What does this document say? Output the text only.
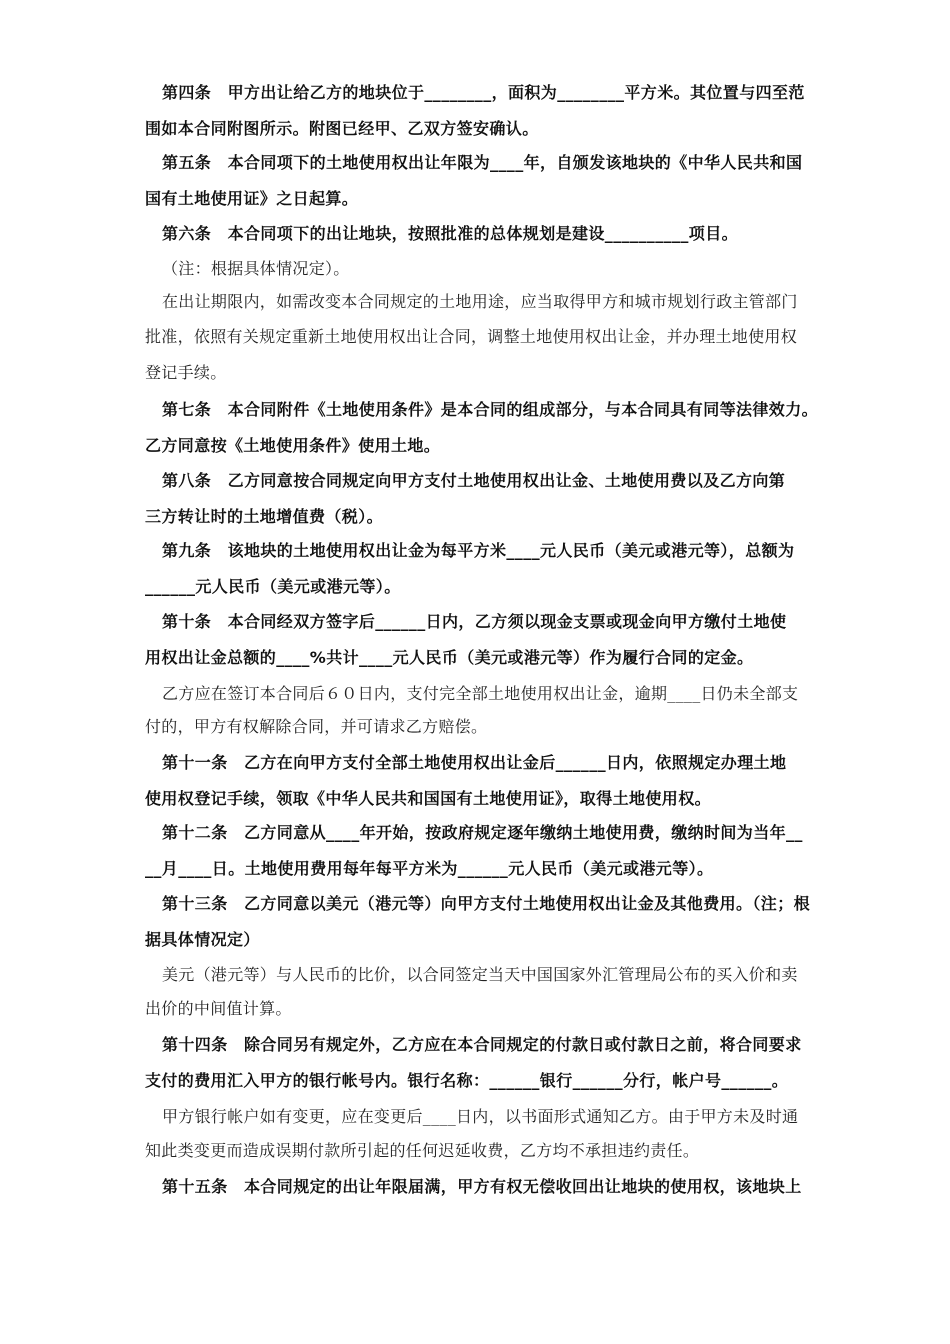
第四条　甲方出让给乙方的地块位于________，面积为________平方米。其位置与四至范
围如本合同附图所示。附图已经甲、乙双方签安确认。
第五条　本合同项下的土地使用权出让年限为____年，自颁发该地块的《中华人民共和国
国有土地使用证》之日起算。
第六条　本合同项下的出让地块，按照批准的总体规划是建设__________项目。
（注：根据具体情况定）。
在出让期限内，如需改变本合同规定的土地用途，应当取得甲方和城市规划行政主管部门
批准，依照有关规定重新土地使用权出让合同，调整土地使用权出让金，并办理土地使用权
登记手续。
第七条　本合同附件《土地使用条件》是本合同的组成部分，与本合同具有同等法律效力。
乙方同意按《土地使用条件》使用土地。
第八条　乙方同意按合同规定向甲方支付土地使用权出让金、土地使用费以及乙方向第
三方转让时的土地增值费（税）。
第九条　该地块的土地使用权出让金为每平方米____元人民币（美元或港元等），总额为
______元人民币（美元或港元等）。
第十条　本合同经双方签字后______日内，乙方须以现金支票或现金向甲方缴付土地使
用权出让金总额的____%共计____元人民币（美元或港元等）作为履行合同的定金。
乙方应在签订本合同后６０日内，支付完全部土地使用权出让金，逾期____日仍未全部支
付的，甲方有权解除合同，并可请求乙方赔偿。
第十一条　乙方在向甲方支付全部土地使用权出让金后______日内，依照规定办理土地
使用权登记手续，领取《中华人民共和国国有土地使用证》，取得土地使用权。
第十二条　乙方同意从____年开始，按政府规定逐年缴纳土地使用费，缴纳时间为当年__
__月____日。土地使用费用每年每平方米为______元人民币（美元或港元等）。
第十三条　乙方同意以美元（港元等）向甲方支付土地使用权出让金及其他费用。（注；根
据具体情况定）
美元（港元等）与人民币的比价，以合同签定当天中国国家外汇管理局公布的买入价和卖
出价的中间值计算。
第十四条　除合同另有规定外，乙方应在本合同规定的付款日或付款日之前，将合同要求
支付的费用汇入甲方的银行帐号内。银行名称：______银行______分行，帐户号______。
甲方银行帐户如有变更，应在变更后____日内，以书面形式通知乙方。由于甲方未及时通
知此类变更而造成误期付款所引起的任何迟延收费，乙方均不承担违约责任。
第十五条　本合同规定的出让年限届满，甲方有权无偿收回出让地块的使用权，该地块上
